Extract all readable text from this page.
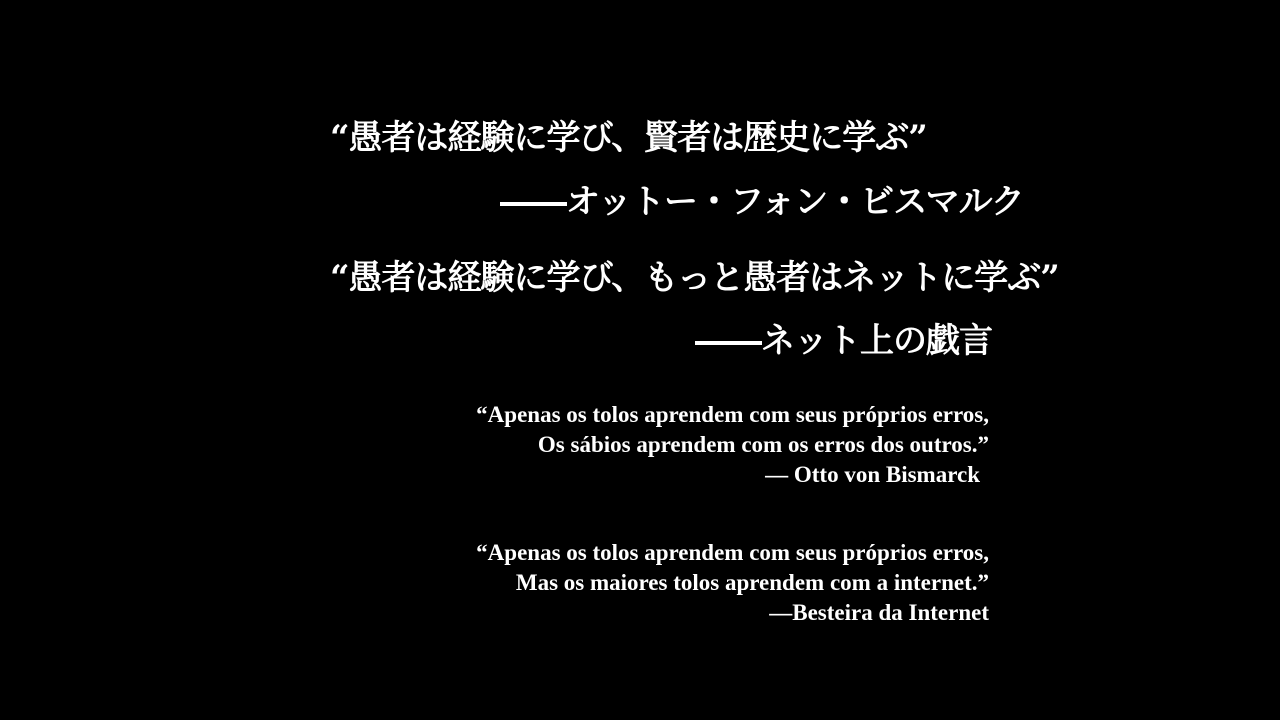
“愚者は経験に学び、賢者は歴史に学ぶ”
――オットー・フォン・ビスマルク
“愚者は経験に学び、もっと愚者はネットに学ぶ”
――ネット上の戯言
“Apenas os tolos aprendem com seus próprios erros,
Os sábios aprendem com os erros dos outros.”
— Otto von Bismarck
“Apenas os tolos aprendem com seus próprios erros,
Mas os maiores tolos aprendem com a internet.”
—Besteira da Internet
